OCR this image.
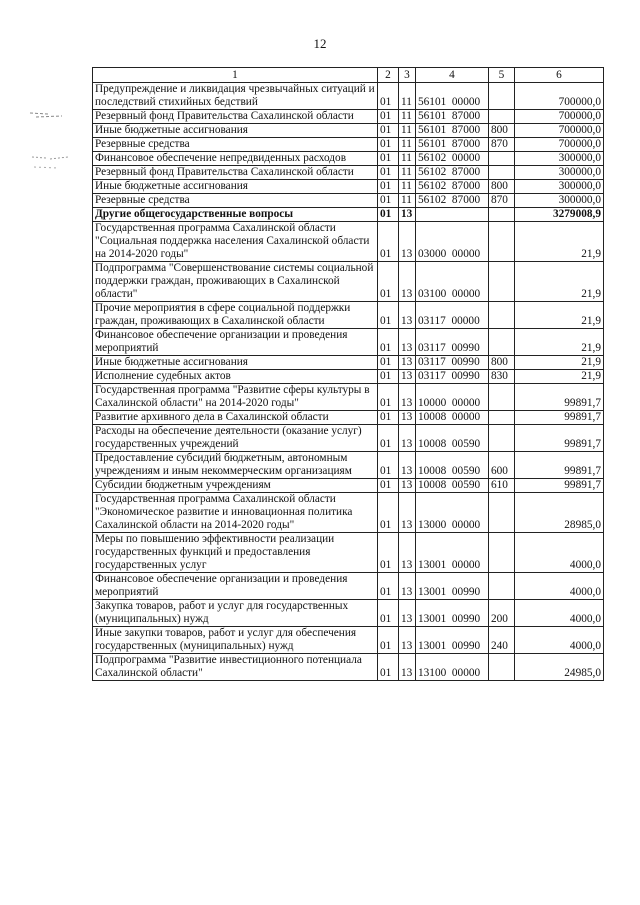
12
1	2	3	4	5	6
Предупреждение и ликвидация чрезвычайных ситуаций и последствий стихийных бедствий	01	11	56101  00000		700000,0
Резервный фонд Правительства Сахалинской области	01	11	56101  87000		700000,0
Иные бюджетные ассигнования	01	11	56101  87000	800	700000,0
Резервные средства	01	11	56101  87000	870	700000,0
Финансовое обеспечение непредвиденных расходов	01	11	56102  00000		300000,0
Резервный фонд Правительства Сахалинской области	01	11	56102  87000		300000,0
Иные бюджетные ассигнования	01	11	56102  87000	800	300000,0
Резервные средства	01	11	56102  87000	870	300000,0
Другие общегосударственные вопросы	01	13			3279008,9
Государственная программа Сахалинской области "Социальная поддержка населения Сахалинской области на 2014-2020 годы"	01	13	03000  00000		21,9
Подпрограмма "Совершенствование системы социальной поддержки граждан, проживающих в Сахалинской области"	01	13	03100  00000		21,9
Прочие мероприятия в сфере социальной поддержки граждан, проживающих в Сахалинской области	01	13	03117  00000		21,9
Финансовое обеспечение организации и проведения мероприятий	01	13	03117  00990		21,9
Иные бюджетные ассигнования	01	13	03117  00990	800	21,9
Исполнение судебных актов	01	13	03117  00990	830	21,9
Государственная программа "Развитие сферы культуры в Сахалинской области" на 2014-2020 годы"	01	13	10000  00000		99891,7
Развитие архивного дела в Сахалинской области	01	13	10008  00000		99891,7
Расходы на обеспечение деятельности (оказание услуг) государственных учреждений	01	13	10008  00590		99891,7
Предоставление субсидий бюджетным, автономным учреждениям и иным некоммерческим организациям	01	13	10008  00590	600	99891,7
Субсидии бюджетным учреждениям	01	13	10008  00590	610	99891,7
Государственная программа Сахалинской области "Экономическое развитие и инновационная политика Сахалинской области на 2014-2020 годы"	01	13	13000  00000		28985,0
Меры по повышению эффективности реализации государственных функций и предоставления государственных услуг	01	13	13001  00000		4000,0
Финансовое обеспечение организации и проведения мероприятий	01	13	13001  00990		4000,0
Закупка товаров, работ и услуг для государственных (муниципальных) нужд	01	13	13001  00990	200	4000,0
Иные закупки товаров, работ и услуг для обеспечения государственных (муниципальных) нужд	01	13	13001  00990	240	4000,0
Подпрограмма "Развитие инвестиционного потенциала Сахалинской области"	01	13	13100  00000		24985,0
